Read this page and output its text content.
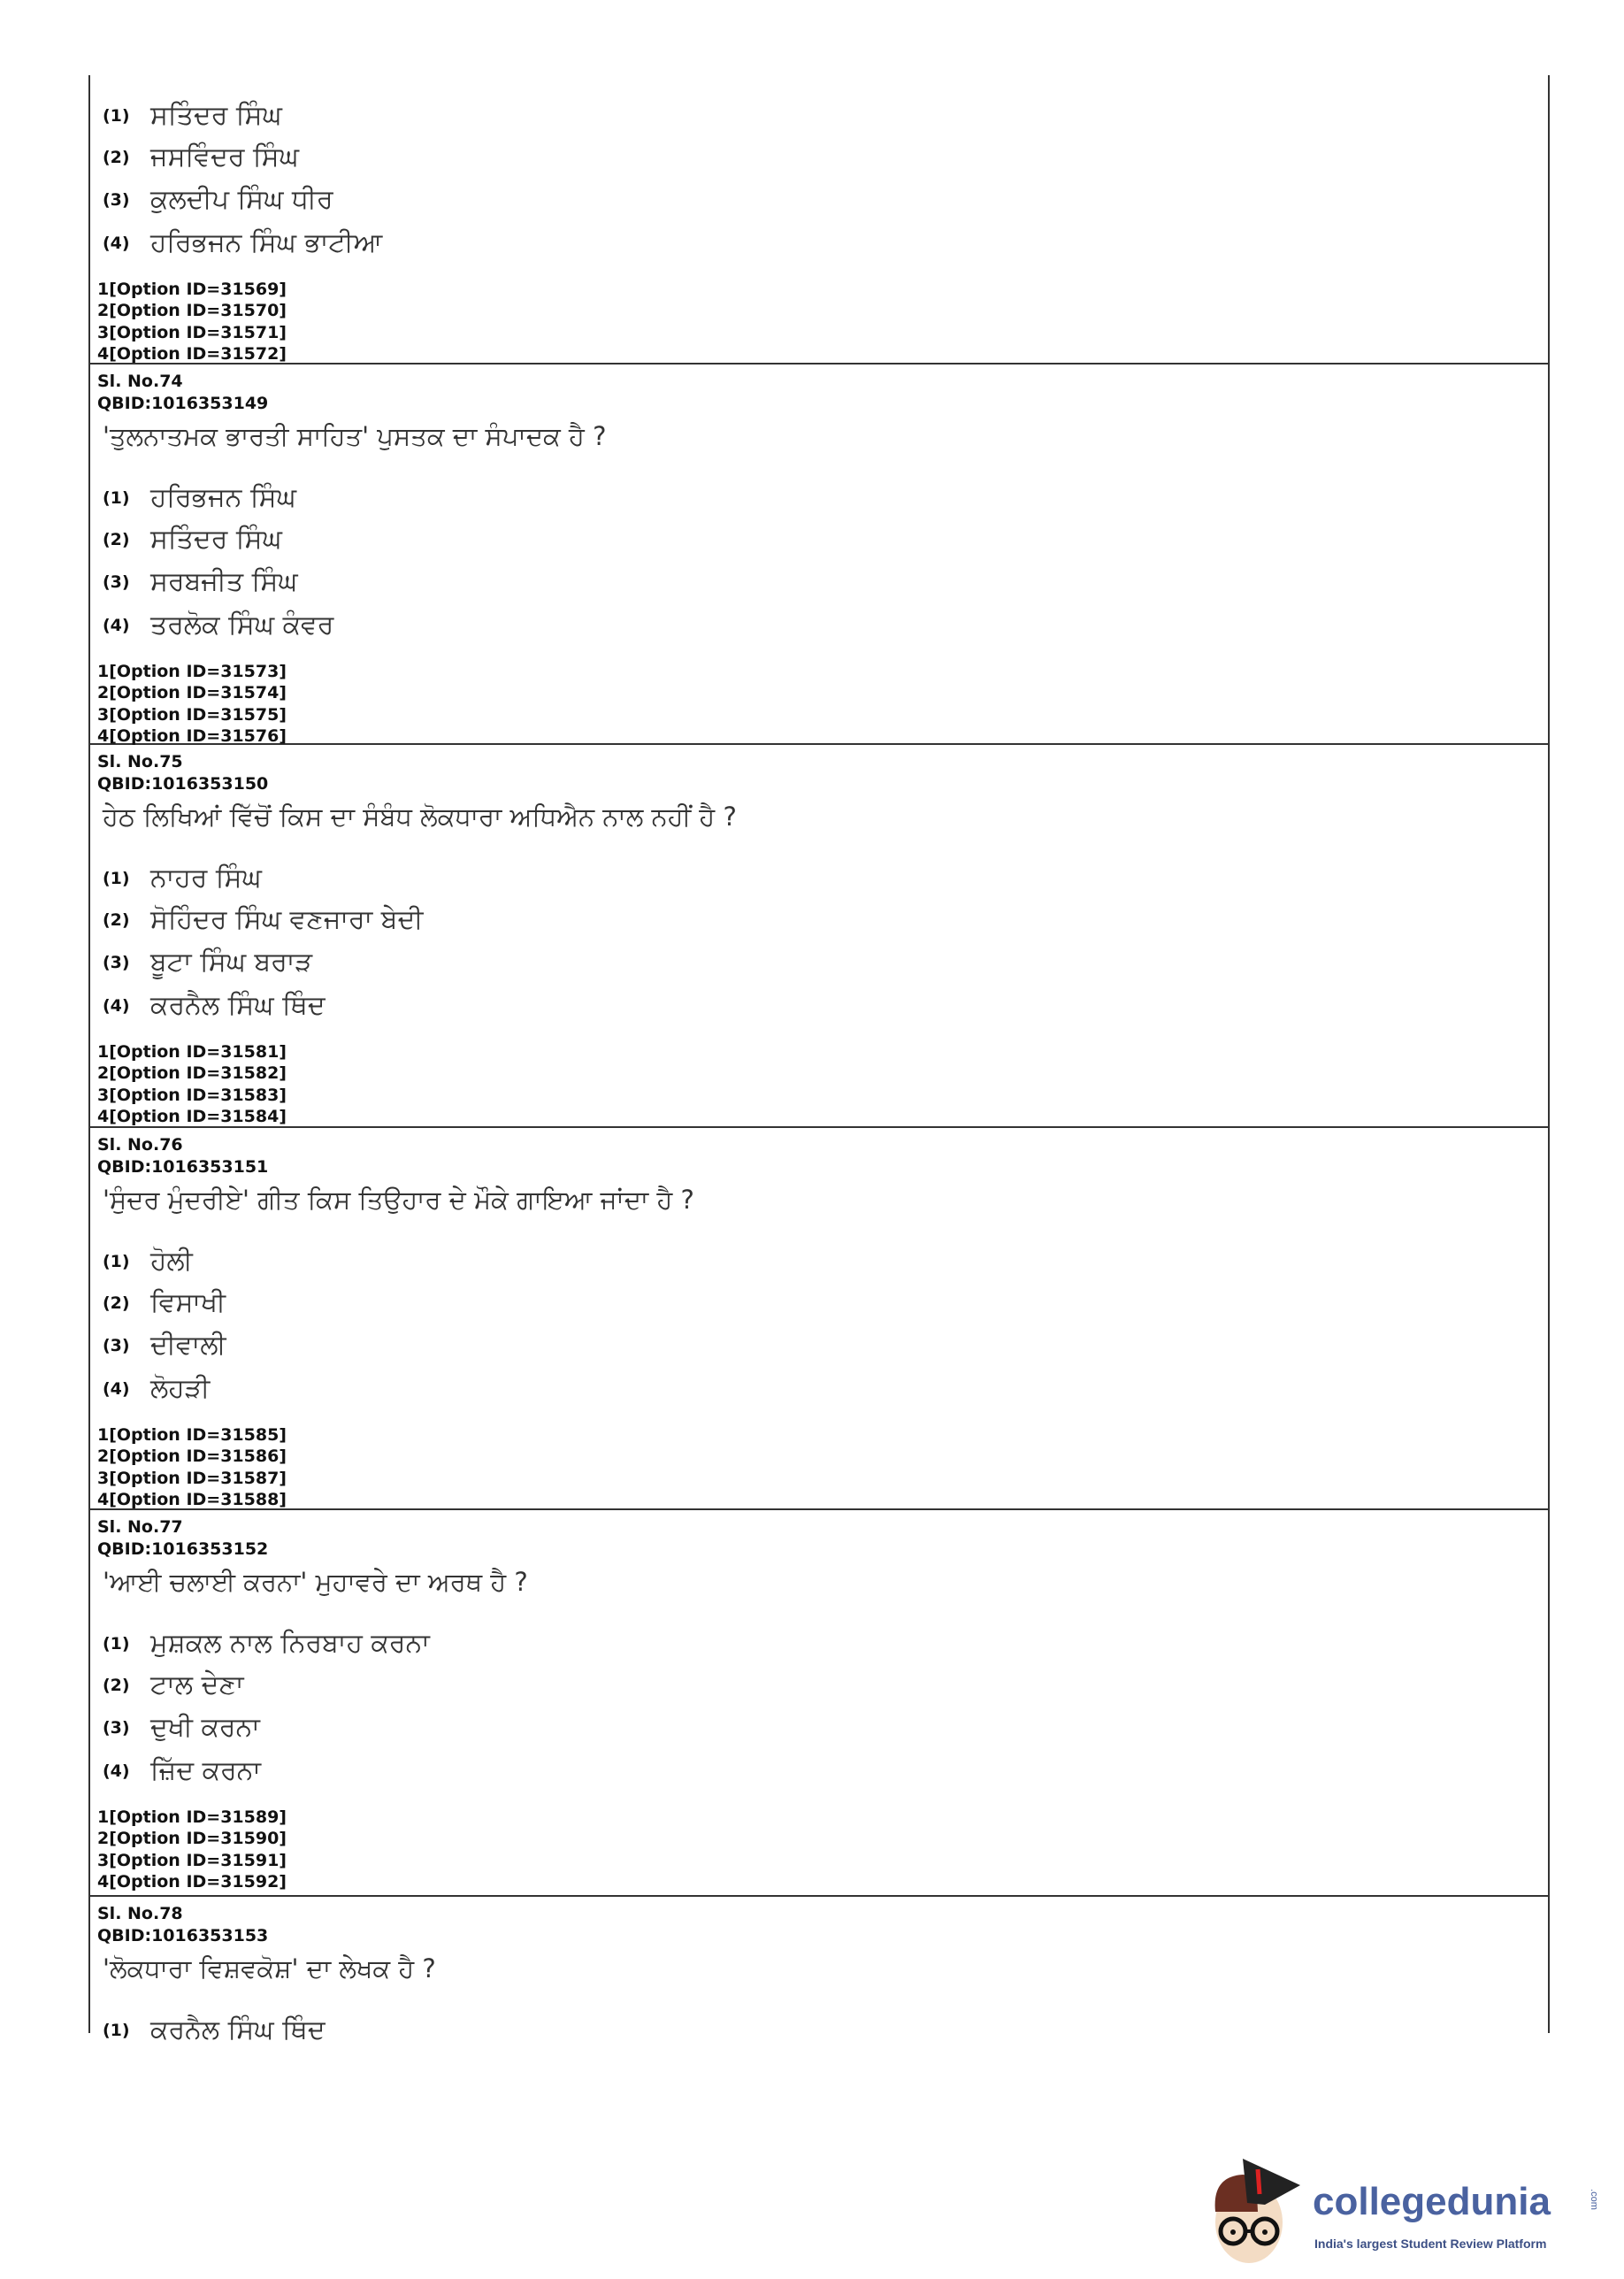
(1) ਸਤਿੰਦਰ ਸਿੰਘ
(2) ਜਸਵਿੰਦਰ ਸਿੰਘ
(3) ਕੁਲਦੀਪ ਸਿੰਘ ਧੀਰ
(4) ਹਰਿਭਜਨ ਸਿੰਘ ਭਾਟੀਆ
1[Option ID=31569]
2[Option ID=31570]
3[Option ID=31571]
4[Option ID=31572]
Sl. No.74
QBID:1016353149
'ਤੁਲਨਾਤਮਕ ਭਾਰਤੀ ਸਾਹਿਤ' ਪੁਸਤਕ ਦਾ ਸੰਪਾਦਕ ਹੈ ?
(1) ਹਰਿਭਜਨ ਸਿੰਘ
(2) ਸਤਿੰਦਰ ਸਿੰਘ
(3) ਸਰਬਜੀਤ ਸਿੰਘ
(4) ਤਰਲੋਕ ਸਿੰਘ ਕੰਵਰ
1[Option ID=31573]
2[Option ID=31574]
3[Option ID=31575]
4[Option ID=31576]
Sl. No.75
QBID:1016353150
ਹੇਠ ਲਿਖਿਆਂ ਵਿੱਚੋਂ ਕਿਸ ਦਾ ਸੰਬੰਧ ਲੋਕਧਾਰਾ ਅਧਿਐਨ ਨਾਲ ਨਹੀਂ ਹੈ ?
(1) ਨਾਹਰ ਸਿੰਘ
(2) ਸੋਹਿੰਦਰ ਸਿੰਘ ਵਣਜਾਰਾ ਬੇਦੀ
(3) ਬੂਟਾ ਸਿੰਘ ਬਰਾੜ
(4) ਕਰਨੈਲ ਸਿੰਘ ਥਿੰਦ
1[Option ID=31581]
2[Option ID=31582]
3[Option ID=31583]
4[Option ID=31584]
Sl. No.76
QBID:1016353151
'ਸੁੰਦਰ ਮੁੰਦਰੀਏ' ਗੀਤ ਕਿਸ ਤਿਉਹਾਰ ਦੇ ਮੌਕੇ ਗਾਇਆ ਜਾਂਦਾ ਹੈ ?
(1) ਹੋਲੀ
(2) ਵਿਸਾਖੀ
(3) ਦੀਵਾਲੀ
(4) ਲੋਹੜੀ
1[Option ID=31585]
2[Option ID=31586]
3[Option ID=31587]
4[Option ID=31588]
Sl. No.77
QBID:1016353152
'ਆਈ ਚਲਾਈ ਕਰਨਾ' ਮੁਹਾਵਰੇ ਦਾ ਅਰਥ ਹੈ ?
(1) ਮੁਸ਼ਕਲ ਨਾਲ ਨਿਰਬਾਹ ਕਰਨਾ
(2) ਟਾਲ ਦੇਣਾ
(3) ਦੁਖੀ ਕਰਨਾ
(4) ਜ਼ਿੱਦ ਕਰਨਾ
1[Option ID=31589]
2[Option ID=31590]
3[Option ID=31591]
4[Option ID=31592]
Sl. No.78
QBID:1016353153
'ਲੋਕਧਾਰਾ ਵਿਸ਼ਵਕੋਸ਼' ਦਾ ਲੇਖਕ ਹੈ ?
(1) ਕਰਨੈਲ ਸਿੰਘ ਥਿੰਦ
collegedunia	.com
India's largest Student Review Platform
